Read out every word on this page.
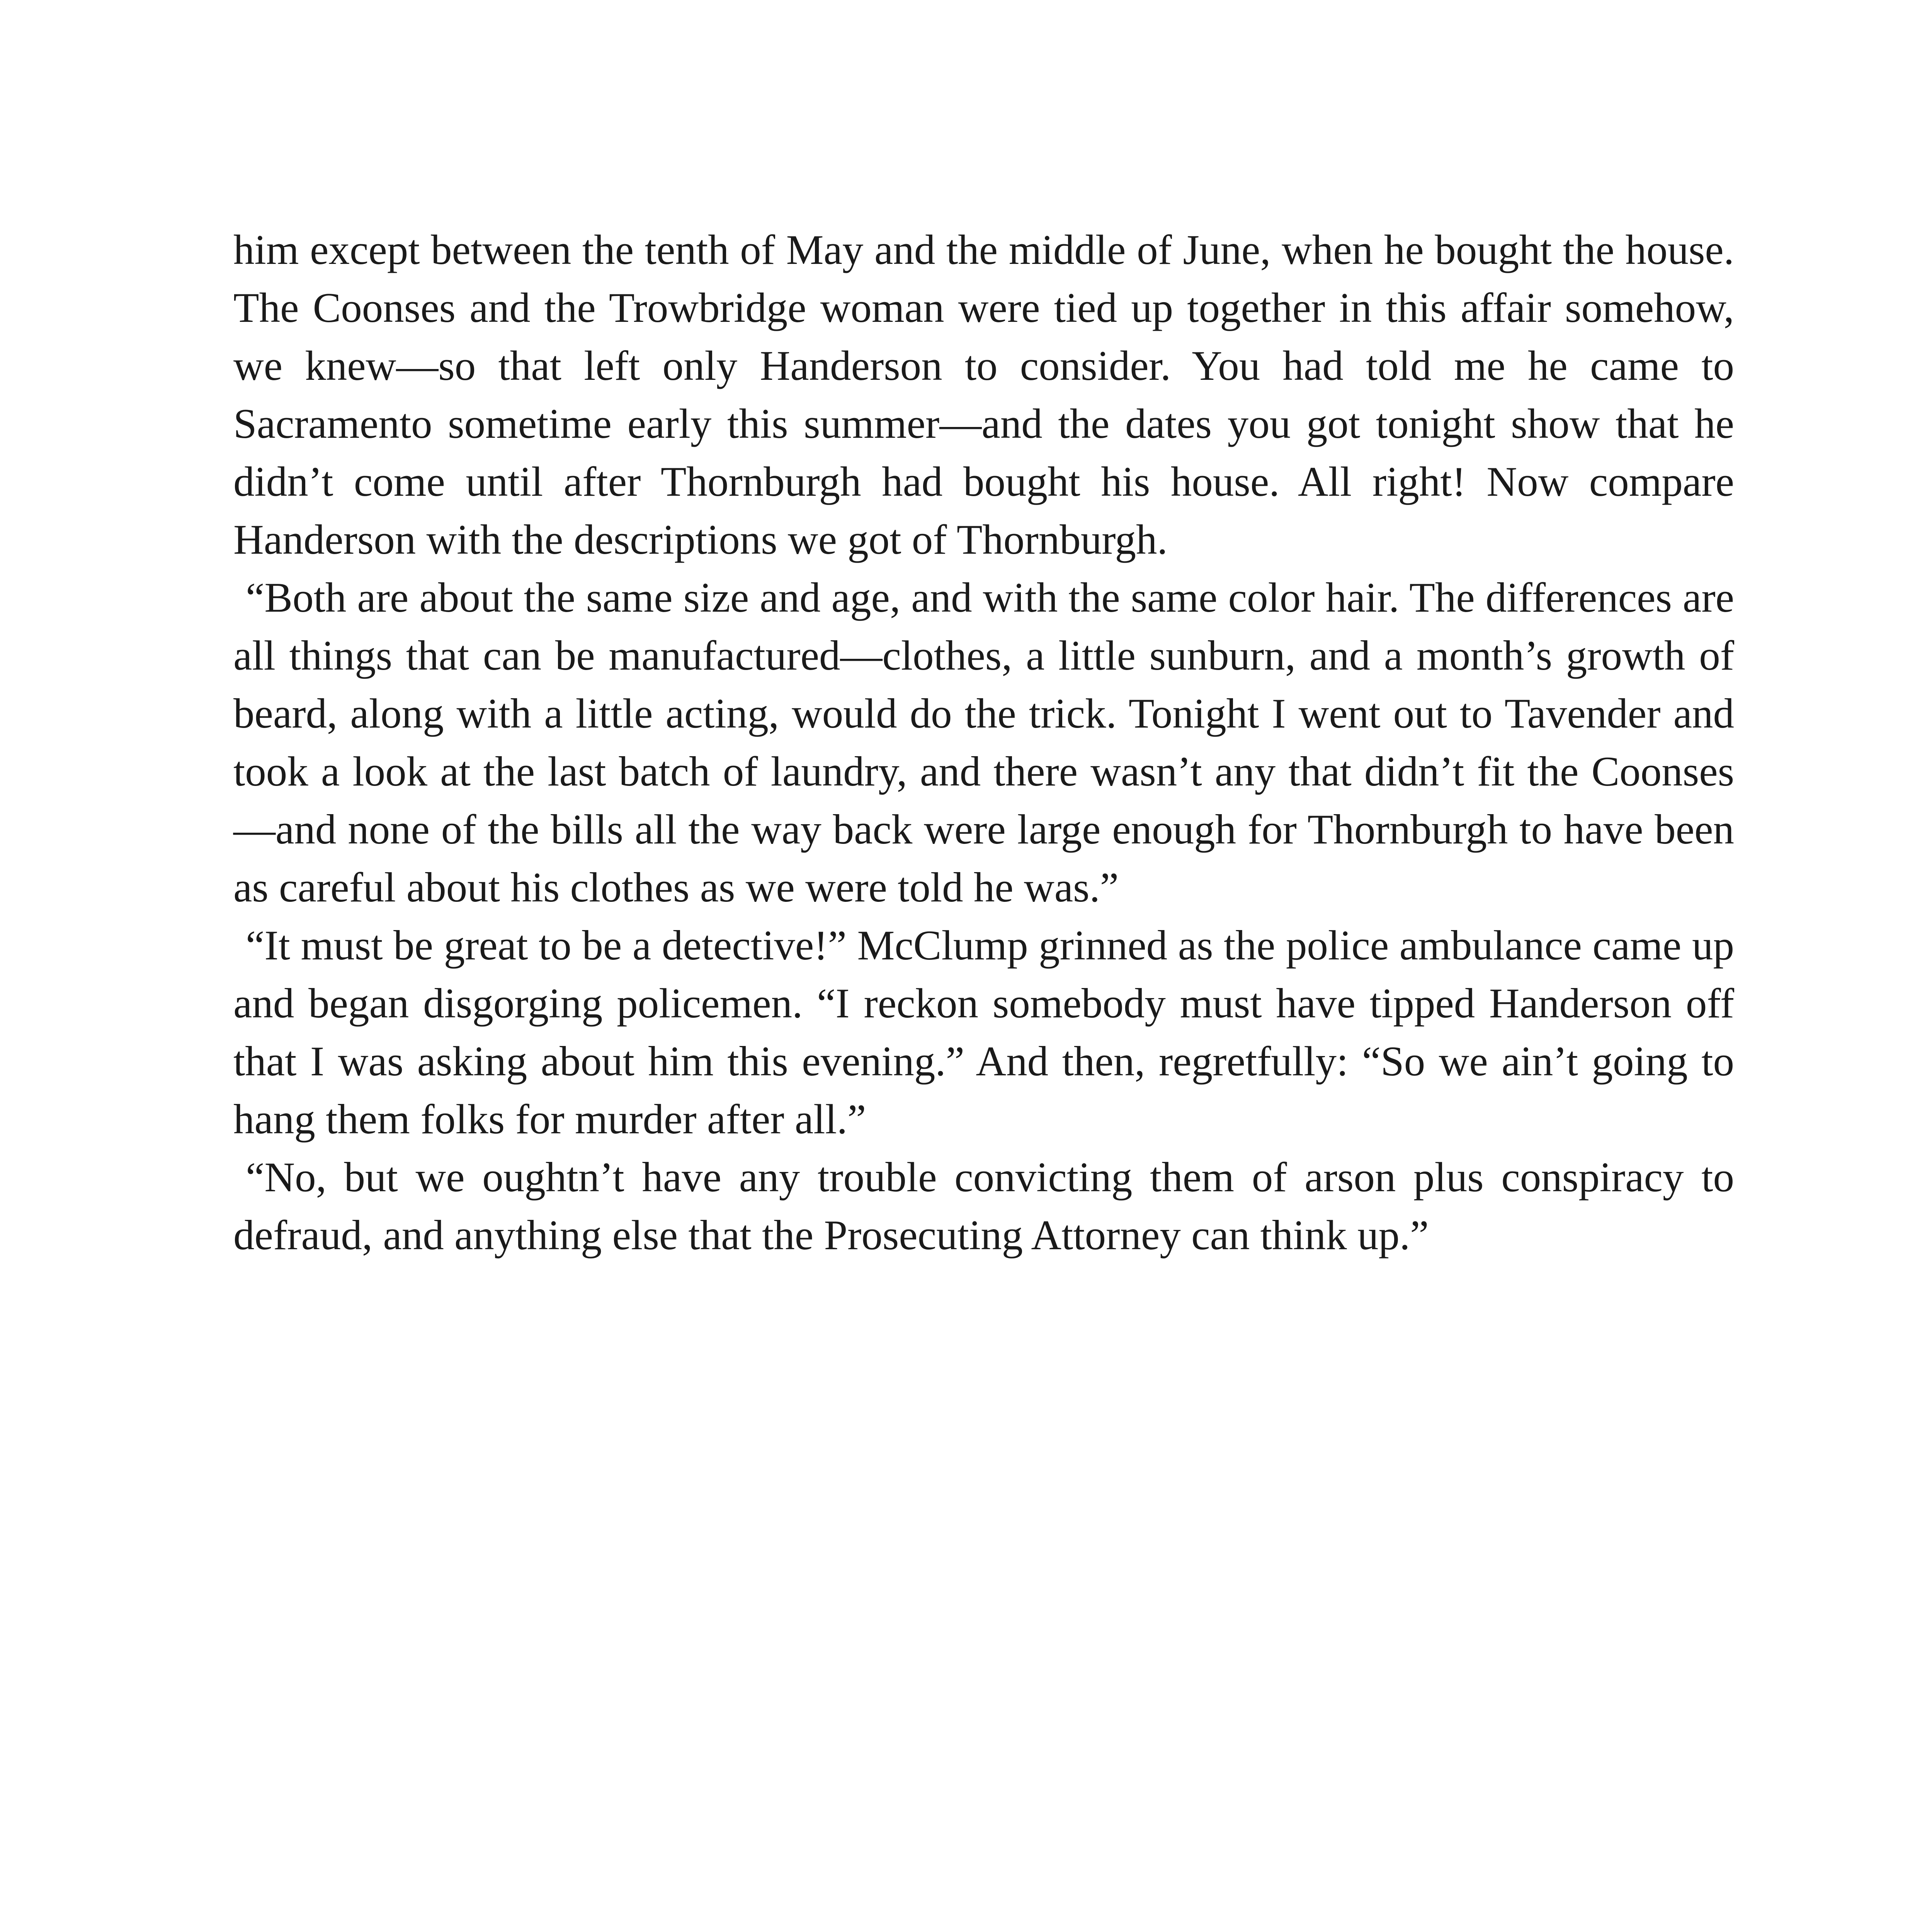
him except between the tenth of May and the middle of June, when he bought the house. The Coonses and the Trowbridge woman were tied up together in this affair somehow, we knew—so that left only Handerson to consider. You had told me he came to Sacramento sometime early this summer—and the dates you got tonight show that he didn’t come until after Thornburgh had bought his house. All right! Now compare Handerson with the descriptions we got of Thornburgh.

“Both are about the same size and age, and with the same color hair. The differences are all things that can be manufactured—clothes, a little sunburn, and a month’s growth of beard, along with a little acting, would do the trick. Tonight I went out to Tavender and took a look at the last batch of laundry, and there wasn’t any that didn’t fit the Coonses—and none of the bills all the way back were large enough for Thornburgh to have been as careful about his clothes as we were told he was.”

“It must be great to be a detective!” McClump grinned as the police ambulance came up and began disgorging policemen. “I reckon somebody must have tipped Handerson off that I was asking about him this evening.” And then, regretfully: “So we ain’t going to hang them folks for murder after all.”

“No, but we oughtn’t have any trouble convicting them of arson plus conspiracy to defraud, and anything else that the Prosecuting Attorney can think up.”
